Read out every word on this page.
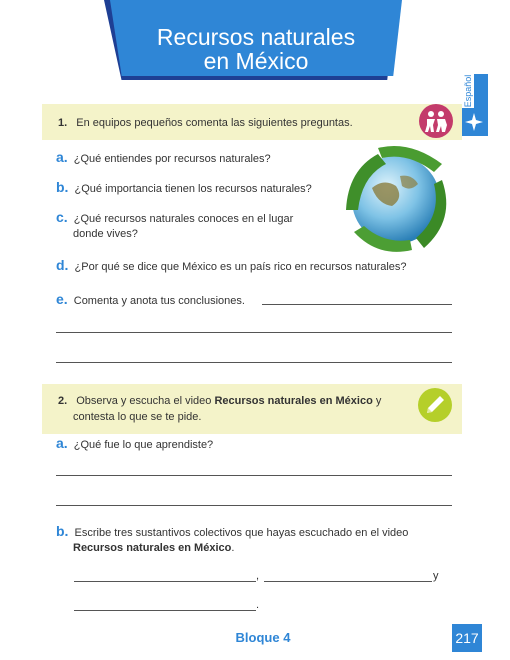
Recursos naturales
en México
Español
1. En equipos pequeños comenta las siguientes preguntas.
a. ¿Qué entiendes por recursos naturales?
b. ¿Qué importancia tienen los recursos naturales?
c. ¿Qué recursos naturales conoces en el lugar
donde vives?
d. ¿Por qué se dice que México es un país rico en recursos naturales?
e. Comenta y anota tus conclusiones.
2. Observa y escucha el video Recursos naturales en México y
contesta lo que se te pide.
a. ¿Qué fue lo que aprendiste?
b. Escribe tres sustantivos colectivos que hayas escuchado en el video
Recursos naturales en México.
,	y
.
Bloque 4	217
